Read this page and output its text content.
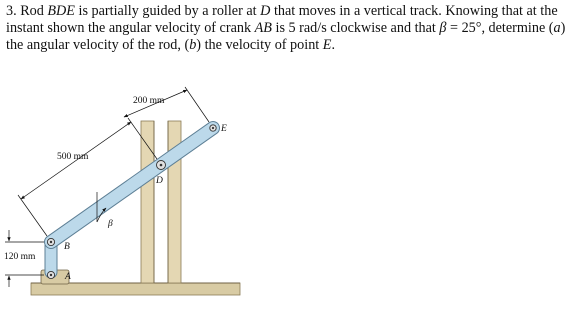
3. Rod BDE is partially guided by a roller at D that moves in a vertical track. Knowing that at the instant shown the angular velocity of crank AB is 5 rad/s clockwise and that β = 25°, determine (a) the angular velocity of the rod, (b) the velocity of point E.
200 mm
500 mm
120 mm
A
B
D
E
β
